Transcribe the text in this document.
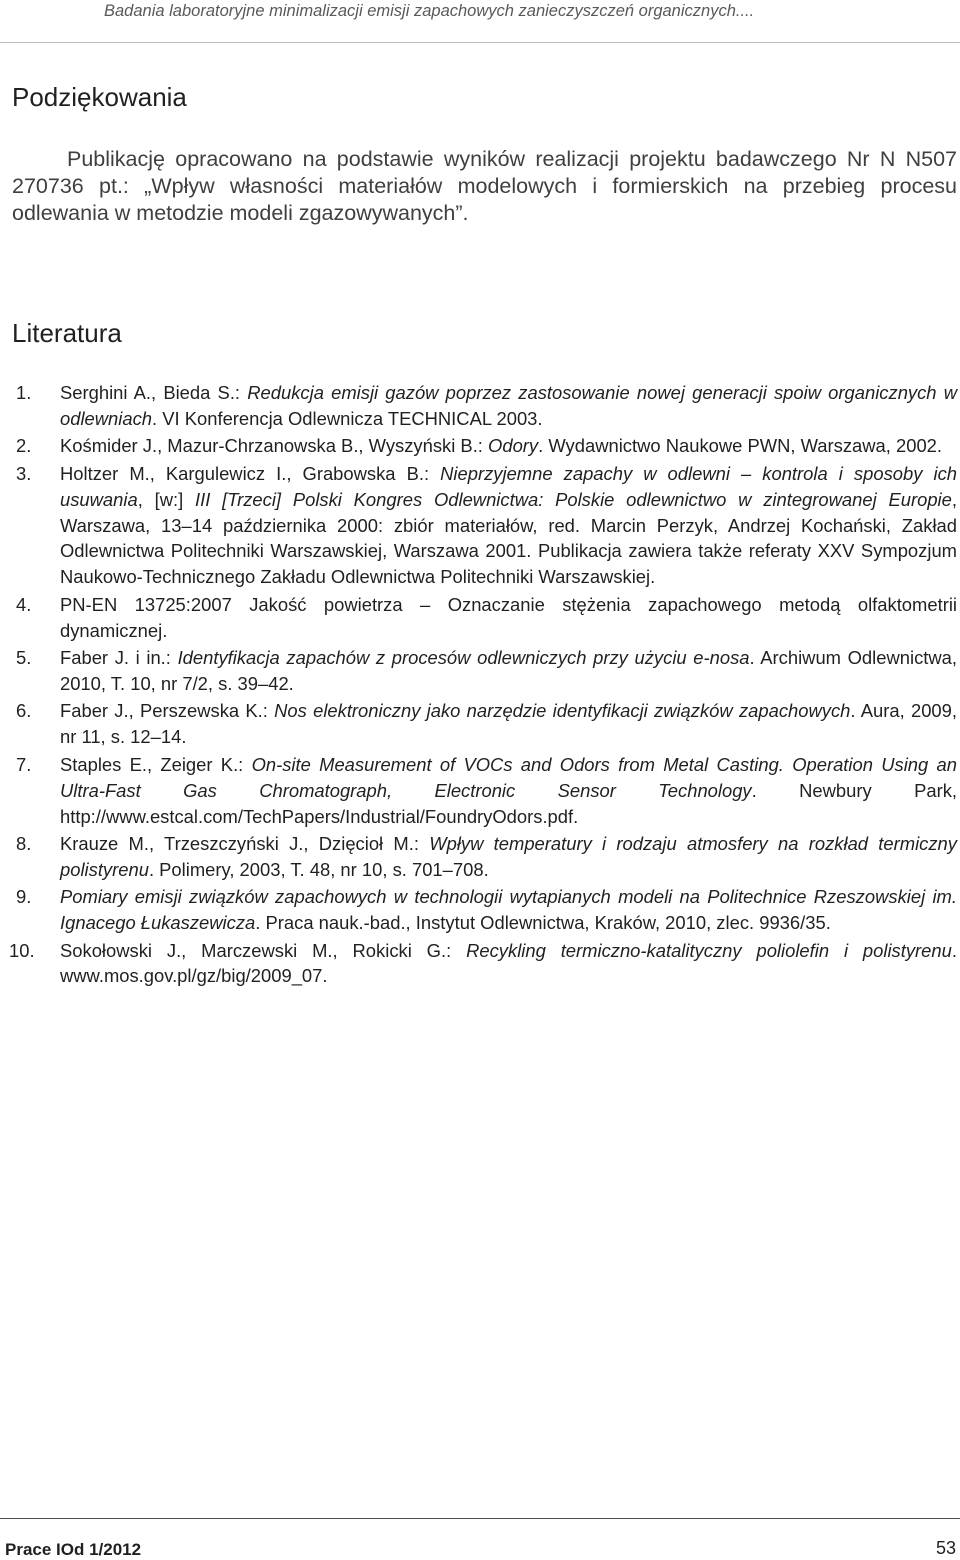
Badania laboratoryjne minimalizacji emisji zapachowych zanieczyszczeń organicznych....
Podziękowania

Publikację opracowano na podstawie wyników realizacji projektu badawczego Nr N N507 270736 pt.: „Wpływ własności materiałów modelowych i formierskich na przebieg procesu odlewania w metodzie modeli zgazowywanych”.

Literatura
1. Serghini A., Bieda S.: Redukcja emisji gazów poprzez zastosowanie nowej generacji spoiw organicznych w odlewniach. VI Konferencja Odlewnicza TECHNICAL 2003.
2. Kośmider J., Mazur-Chrzanowska B., Wyszyński B.: Odory. Wydawnictwo Naukowe PWN, Warszawa, 2002.
3. Holtzer M., Kargulewicz I., Grabowska B.: Nieprzyjemne zapachy w odlewni – kontrola i sposoby ich usuwania, [w:] III [Trzeci] Polski Kongres Odlewnictwa: Polskie odlewnictwo w zintegrowanej Europie, Warszawa, 13–14 października 2000: zbiór materiałów, red. Marcin Perzyk, Andrzej Kochański, Zakład Odlewnictwa Politechniki Warszawskiej, Warszawa 2001. Publikacja zawiera także referaty XXV Sympozjum Naukowo-Technicznego Zakładu Odlewnictwa Politechniki Warszawskiej.
4. PN-EN 13725:2007 Jakość powietrza – Oznaczanie stężenia zapachowego metodą olfaktometrii dynamicznej.
5. Faber J. i in.: Identyfikacja zapachów z procesów odlewniczych przy użyciu e-nosa. Archiwum Odlewnictwa, 2010, T. 10, nr 7/2, s. 39–42.
6. Faber J., Perszewska K.: Nos elektroniczny jako narzędzie identyfikacji związków zapachowych. Aura, 2009, nr 11, s. 12–14.
7. Staples E., Zeiger K.: On-site Measurement of VOCs and Odors from Metal Casting. Operation Using an Ultra-Fast Gas Chromatograph, Electronic Sensor Technology. Newbury Park, http://www.estcal.com/TechPapers/Industrial/FoundryOdors.pdf.
8. Krauze M., Trzeszczyński J., Dzięcioł M.: Wpływ temperatury i rodzaju atmosfery na rozkład termiczny polistyrenu. Polimery, 2003, T. 48, nr 10, s. 701–708.
9. Pomiary emisji związków zapachowych w technologii wytapianych modeli na Politechnice Rzeszowskiej im. Ignacego Łukaszewicza. Praca nauk.-bad., Instytut Odlewnictwa, Kraków, 2010, zlec. 9936/35.
10. Sokołowski J., Marczewski M., Rokicki G.: Recykling termiczno-katalityczny poliolefin i polistyrenu. www.mos.gov.pl/gz/big/2009_07.
Prace IOd 1/2012	53
